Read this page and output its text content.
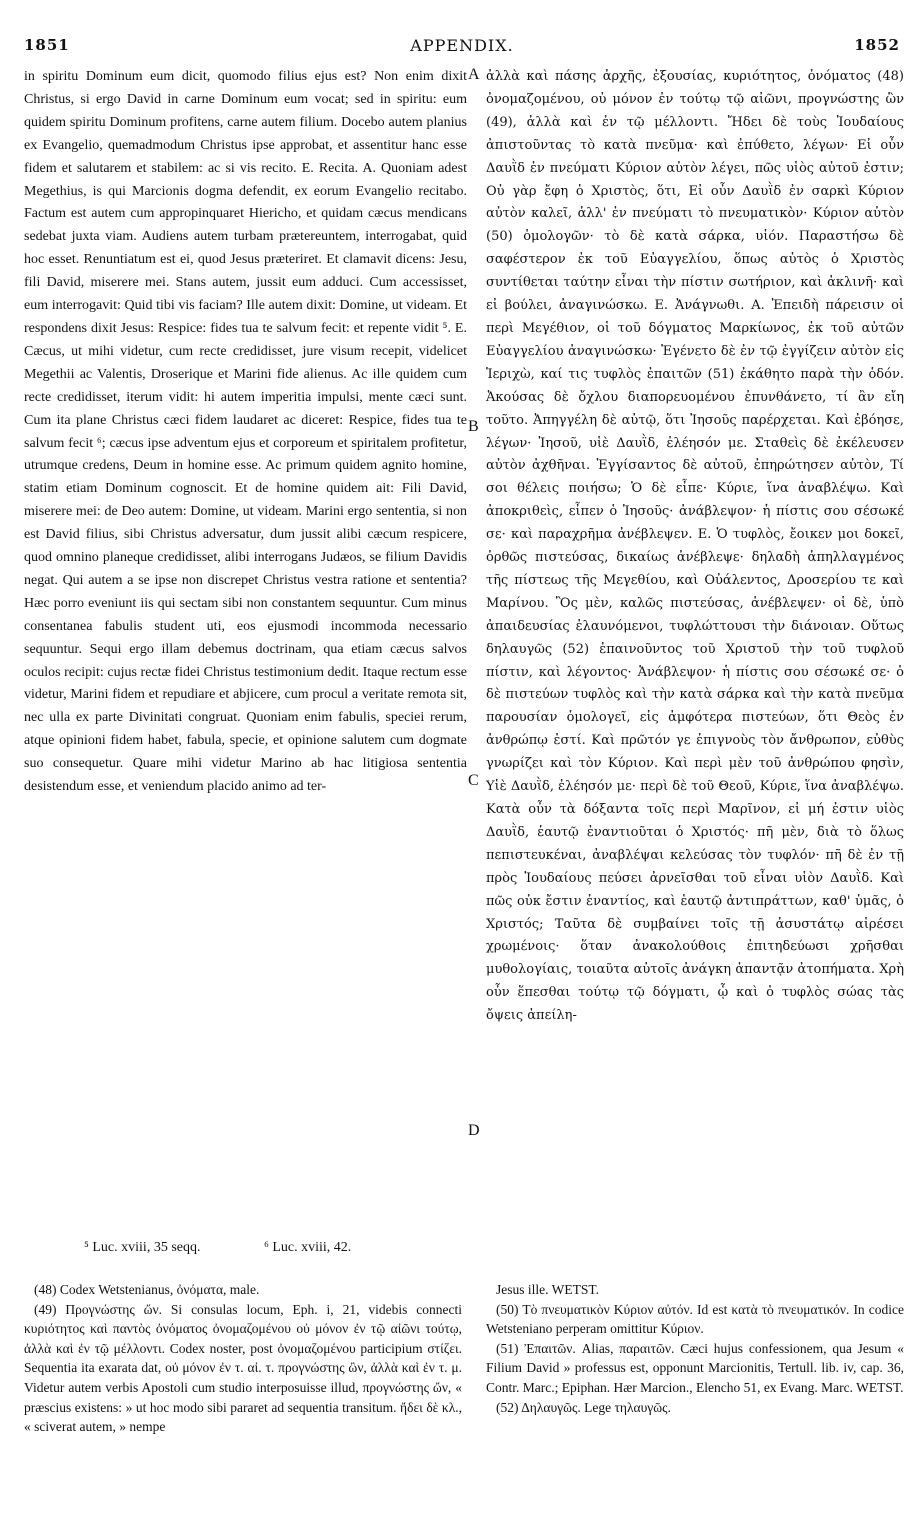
1851	APPENDIX.	1852

in spiritu Dominum eum dicit, quomodo filius ejus est? Non enim dixit Christus, si ergo David in carne Dominum eum vocat; sed in spiritu: eum quidem spiritu Dominum profitens, carne autem filium. Docebo autem planius ex Evangelio, quemadmodum Christus ipse approbat, et assentitur hanc esse fidem et salutarem et stabilem: ac si vis recito. E. Recita. A. Quoniam adest Megethius, is qui Marcionis dogma defendit, ex eorum Evangelio recitabo. Factum est autem cum appropinquaret Hiericho, et quidam cæcus mendicans sedebat juxta viam. Audiens autem turbam prætereuntem, interrogabat, quid hoc esset. Renuntiatum est ei, quod Jesus præteriret. Et clamavit dicens: Jesu, fili David, miserere mei. Stans autem, jussit eum adduci. Cum accessisset, eum interrogavit: Quid tibi vis faciam? Ille autem dixit: Domine, ut videam. Et respondens dixit Jesus: Respice: fides tua te salvum fecit: et repente vidit ⁵. E. Cæcus, ut mihi videtur, cum recte credidisset, jure visum recepit, videlicet Megethii ac Valentis, Droserique et Marini fide alienus. Ac ille quidem cum recte credidisset, iterum vidit: hi autem imperitia impulsi, mente cæci sunt. Cum ita plane Christus cæci fidem laudaret ac diceret: Respice, fides tua te salvum fecit ⁶; cæcus ipse adventum ejus et corporeum et spiritalem profitetur, utrumque credens, Deum in homine esse. Ac primum quidem agnito homine, statim etiam Dominum cognoscit. Et de homine quidem ait: Fili David, miserere mei: de Deo autem: Domine, ut videam. Marini ergo sententia, si non est David filius, sibi Christus adversatur, dum jussit alibi cæcum respicere, quod omnino planeque credidisset, alibi interrogans Judæos, se filium Davidis negat. Qui autem a se ipse non discrepet Christus vestra ratione et sententia? Hæc porro eveniunt iis qui sectam sibi non constantem sequuntur. Cum minus consentanea fabulis student uti, eos ejusmodi incommoda necessario sequuntur. Sequi ergo illam debemus doctrinam, qua etiam cæcus salvos oculos recipit: cujus rectæ fidei Christus testimonium dedit. Itaque rectum esse videtur, Marini fidem et repudiare et abjicere, cum procul a veritate remota sit, nec ulla ex parte Divinitati congruat. Quoniam enim fabulis, speciei rerum, atque opinioni fidem habet, fabula, specie, et opinione salutem cum dogmate suo consequetur. Quare mihi videtur Marino ab hac litigiosa sententia desistendum esse, et veniendum placido animo ad ter-

A
B
C
D

ἀλλὰ καὶ πάσης ἀρχῆς, ἐξουσίας, κυριότητος, ὀνόματος (48) ὀνομαζομένου, οὐ μόνον ἐν τούτῳ τῷ αἰῶνι, προγνώστης ὢν (49), ἀλλὰ καὶ ἐν τῷ μέλλοντι. Ἤδει δὲ τοὺς Ἰουδαίους ἀπιστοῦντας τὸ κατὰ πνεῦμα· καὶ ἐπύθετο, λέγων· Εἰ οὖν Δαυῒδ ἐν πνεύματι Κύριον αὐτὸν λέγει, πῶς υἱὸς αὐτοῦ ἐστιν; Οὐ γὰρ ἔφη ὁ Χριστὸς, ὅτι, Εἰ οὖν Δαυῒδ ἐν σαρκὶ Κύριον αὐτὸν καλεῖ, ἀλλ' ἐν πνεύματι τὸ πνευματικὸν· Κύριον αὐτὸν (50) ὁμολογῶν· τὸ δὲ κατὰ σάρκα, υἱόν. Παραστήσω δὲ σαφέστερον ἐκ τοῦ Εὐαγγελίου, ὅπως αὐτὸς ὁ Χριστὸς συντίθεται ταύτην εἶναι τὴν πίστιν σωτήριον, καὶ ἀκλινῆ· καὶ εἰ βούλει, ἀναγινώσκω. Ε. Ἀνάγνωθι. Α. Ἐπειδὴ πάρεισιν οἱ περὶ Μεγέθιον, οἱ τοῦ δόγματος Μαρκίωνος, ἐκ τοῦ αὐτῶν Εὐαγγελίου ἀναγινώσκω· Ἐγένετο δὲ ἐν τῷ ἐγγίζειν αὐτὸν εἰς Ἱεριχὼ, καί τις τυφλὸς ἐπαιτῶν (51) ἐκάθητο παρὰ τὴν ὁδόν. Ἀκούσας δὲ ὄχλου διαπορευομένου ἐπυνθάνετο, τί ἂν εἴη τοῦτο. Ἀπηγγέλη δὲ αὐτῷ, ὅτι Ἰησοῦς παρέρχεται. Καὶ ἐβόησε, λέγων· Ἰησοῦ, υἱὲ Δαυῒδ, ἐλέησόν με. Σταθεὶς δὲ ἐκέλευσεν αὐτὸν ἀχθῆναι. Ἐγγίσαντος δὲ αὐτοῦ, ἐπηρώτησεν αὐτὸν, Τί σοι θέλεις ποιήσω; Ὁ δὲ εἶπε· Κύριε, ἵνα ἀναβλέψω. Καὶ ἀποκριθεὶς, εἶπεν ὁ Ἰησοῦς· ἀνάβλεψον· ἡ πίστις σου σέσωκέ σε· καὶ παραχρῆμα ἀνέβλεψεν. Ε. Ὁ τυφλὸς, ἔοικεν μοι δοκεῖ, ὀρθῶς πιστεύσας, δικαίως ἀνέβλεψε· δηλαδὴ ἀπηλλαγμένος τῆς πίστεως τῆς Μεγεθίου, καὶ Οὐάλεντος, Δροσερίου τε καὶ Μαρίνου. Ὃς μὲν, καλῶς πιστεύσας, ἀνέβλεψεν· οἱ δὲ, ὑπὸ ἀπαιδευσίας ἐλαυνόμενοι, τυφλώττουσι τὴν διάνοιαν. Οὕτως δηλαυγῶς (52) ἐπαινοῦντος τοῦ Χριστοῦ τὴν τοῦ τυφλοῦ πίστιν, καὶ λέγοντος· Ἀνάβλεψον· ἡ πίστις σου σέσωκέ σε· ὁ δὲ πιστεύων τυφλὸς καὶ τὴν κατὰ σάρκα καὶ τὴν κατὰ πνεῦμα παρουσίαν ὁμολογεῖ, εἰς ἀμφότερα πιστεύων, ὅτι Θεὸς ἐν ἀνθρώπῳ ἐστί. Καὶ πρῶτόν γε ἐπιγνοὺς τὸν ἄνθρωπον, εὐθὺς γνωρίζει καὶ τὸν Κύριον. Καὶ περὶ μὲν τοῦ ἀνθρώπου φησὶν, Υἱὲ Δαυῒδ, ἐλέησόν με· περὶ δὲ τοῦ Θεοῦ, Κύριε, ἵνα ἀναβλέψω. Κατὰ οὖν τὰ δόξαντα τοῖς περὶ Μαρῖνον, εἰ μή ἐστιν υἱὸς Δαυῒδ, ἑαυτῷ ἐναντιοῦται ὁ Χριστός· πῆ μὲν, διὰ τὸ ὅλως πεπιστευκέναι, ἀναβλέψαι κελεύσας τὸν τυφλόν· πῆ δὲ ἐν τῇ πρὸς Ἰουδαίους πεύσει ἀρνεῖσθαι τοῦ εἶναι υἱὸν Δαυῒδ. Καὶ πῶς οὐκ ἔστιν ἐναντίος, καὶ ἑαυτῷ ἀντιπράττων, καθ' ὑμᾶς, ὁ Χριστός; Ταῦτα δὲ συμβαίνει τοῖς τῇ ἀσυστάτῳ αἱρέσει χρωμένοις· ὅταν ἀνακολούθοις ἐπιτηδεύωσι χρῆσθαι μυθολογίαις, τοιαῦτα αὐτοῖς ἀνάγκη ἀπαντᾷν ἀτοπήματα. Χρὴ οὖν ἕπεσθαι τούτῳ τῷ δόγματι, ᾧ καὶ ὁ τυφλὸς σώας τὰς ὄψεις ἀπείλη-

⁵ Luc. xviii, 35 seqq.	⁶ Luc. xviii, 42.

(48) Codex Wetstenianus, ὀνόματα, male.

(49) Προγνώστης ὤν. Si consulas locum, Eph. i, 21, videbis connecti κυριότητος καὶ παντὸς ὀνόματος ὀνομαζομένου οὐ μόνον ἐν τῷ αἰῶνι τούτῳ, ἀλλὰ καὶ ἐν τῷ μέλλοντι. Codex noster, post ὀνομαζομένου participium στίζει. Sequentia ita exarata dat, οὐ μόνον ἐν τ. αἰ. τ. προγνώστης ὢν, ἀλλὰ καὶ ἐν τ. μ. Videtur autem verbis Apostoli cum studio interposuisse illud, προγνώστης ὤν, « præscius existens: » ut hoc modo sibi pararet ad sequentia transitum. ἤδει δὲ κλ., « sciverat autem, » nempe

Jesus ille. WETST.

(50) Τὸ πνευματικὸν Κύριον αὐτόν. Id est κατὰ τὸ πνευματικόν. In codice Wetsteniano perperam omittitur Κύριον.

(51) Ἐπαιτῶν. Alias, παραιτῶν. Cæci hujus confessionem, qua Jesum « Filium David » professus est, opponunt Marcionitis, Tertull. lib. iv, cap. 36, Contr. Marc.; Epiphan. Hær Marcion., Elencho 51, ex Evang. Marc. WETST.

(52) Δηλαυγῶς. Lege τηλαυγῶς.
